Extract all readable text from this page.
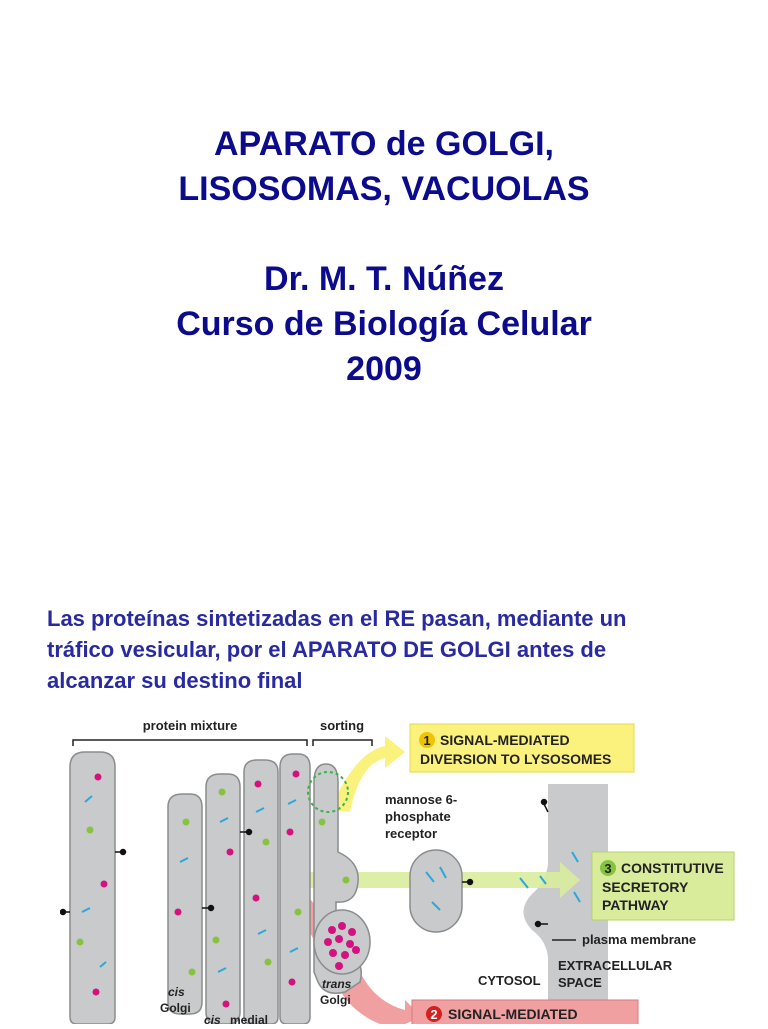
APARATO de GOLGI,
LISOSOMAS, VACUOLAS
Dr. M. T. Núñez
Curso de Biología Celular
2009
Las proteínas sintetizadas en el RE pasan, mediante un
tráfico vesicular, por el APARATO DE GOLGI antes de
alcanzar su destino final
protein mixture	sorting
1 SIGNAL-MEDIATED
DIVERSION TO LYSOSOMES
3 CONSTITUTIVE
SECRETORY
PATHWAY
2 SIGNAL-MEDIATED
mannose 6-
phosphate
receptor
plasma membrane
CYTOSOL
EXTRACELLULAR
SPACE
cis
Golgi
cis medial
trans
Golgi
